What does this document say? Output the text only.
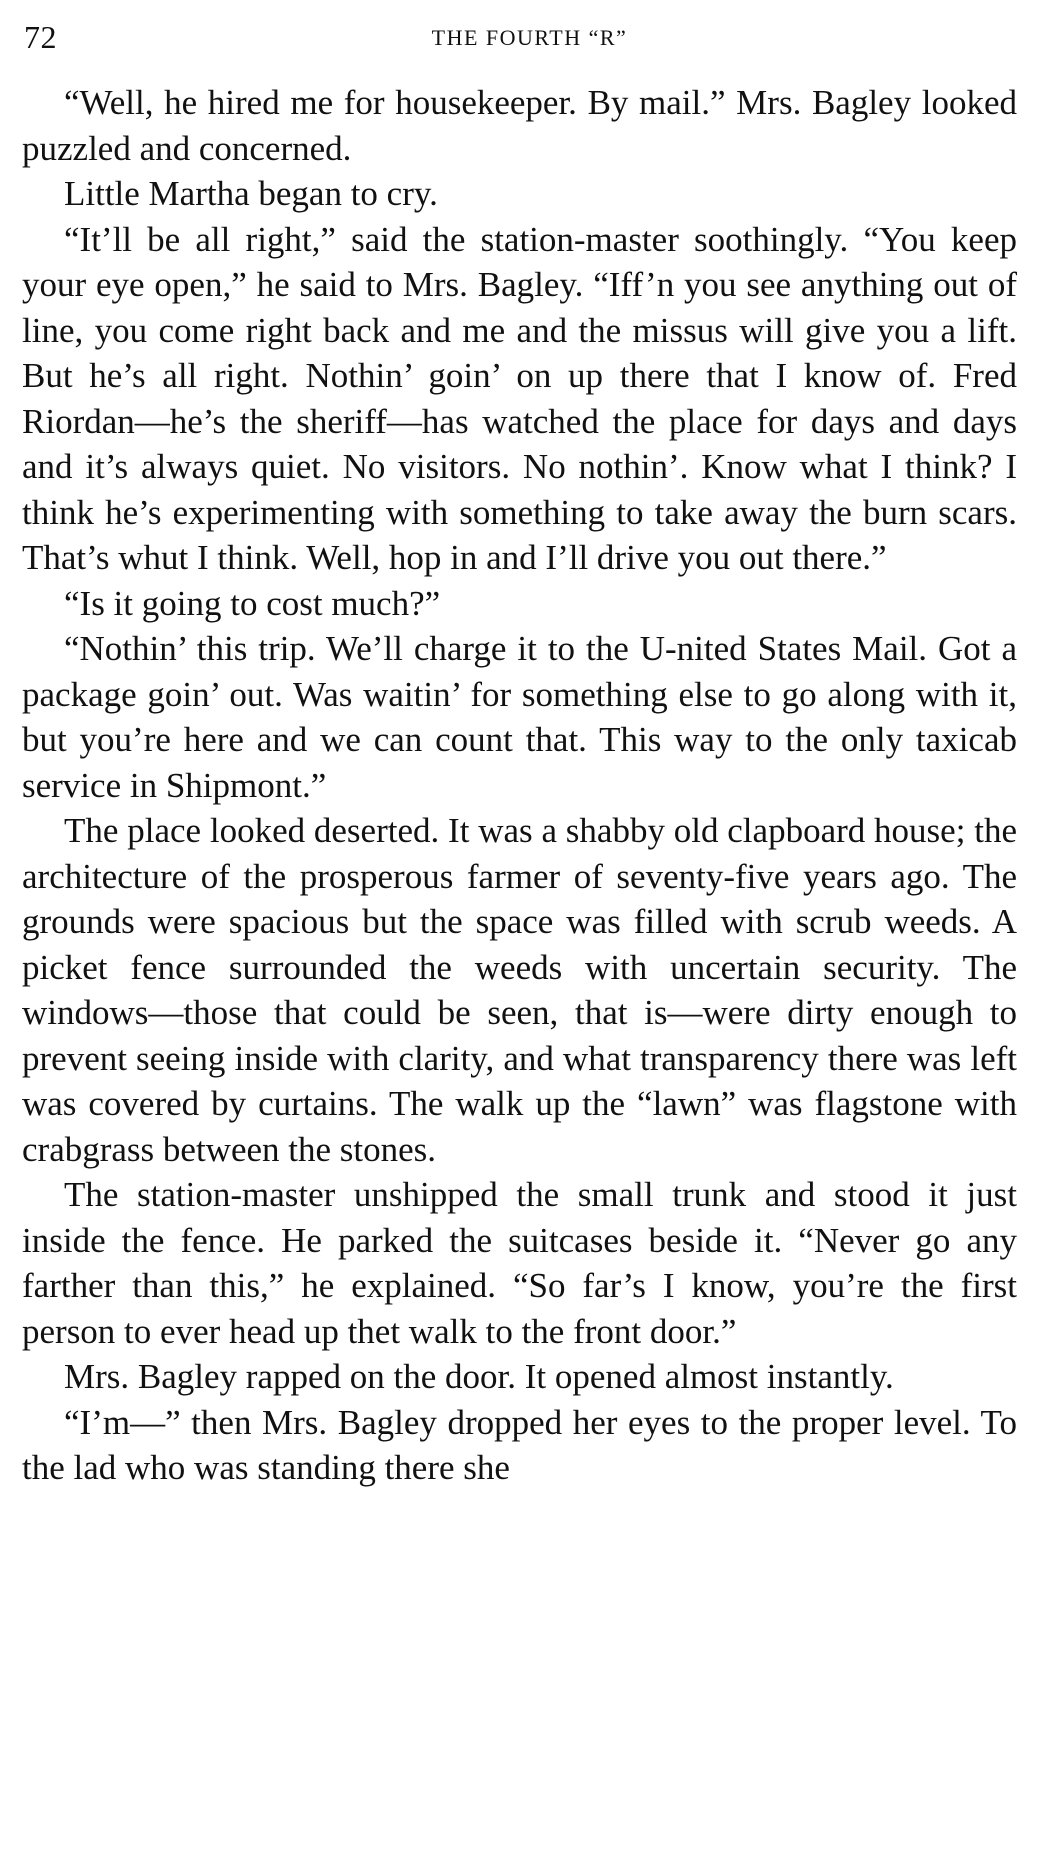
72	THE FOURTH “R”

“Well, he hired me for housekeeper. By mail.” Mrs. Bagley looked puzzled and concerned.

Little Martha began to cry.

“It’ll be all right,” said the station-master soothingly. “You keep your eye open,” he said to Mrs. Bagley. “Iff’n you see anything out of line, you come right back and me and the missus will give you a lift. But he’s all right. Nothin’ goin’ on up there that I know of. Fred Riordan—he’s the sheriff—has watched the place for days and days and it’s always quiet. No visitors. No nothin’. Know what I think? I think he’s experimenting with something to take away the burn scars. That’s whut I think. Well, hop in and I’ll drive you out there.”

“Is it going to cost much?”

“Nothin’ this trip. We’ll charge it to the U-nited States Mail. Got a package goin’ out. Was waitin’ for something else to go along with it, but you’re here and we can count that. This way to the only taxicab service in Shipmont.”

The place looked deserted. It was a shabby old clapboard house; the architecture of the prosperous farmer of seventy-five years ago. The grounds were spacious but the space was filled with scrub weeds. A picket fence surrounded the weeds with uncertain security. The windows—those that could be seen, that is—were dirty enough to prevent seeing inside with clarity, and what transparency there was left was covered by curtains. The walk up the “lawn” was flagstone with crabgrass between the stones.

The station-master unshipped the small trunk and stood it just inside the fence. He parked the suitcases beside it. “Never go any farther than this,” he explained. “So far’s I know, you’re the first person to ever head up thet walk to the front door.”

Mrs. Bagley rapped on the door. It opened almost instantly.

“I’m—” then Mrs. Bagley dropped her eyes to the proper level. To the lad who was standing there she
